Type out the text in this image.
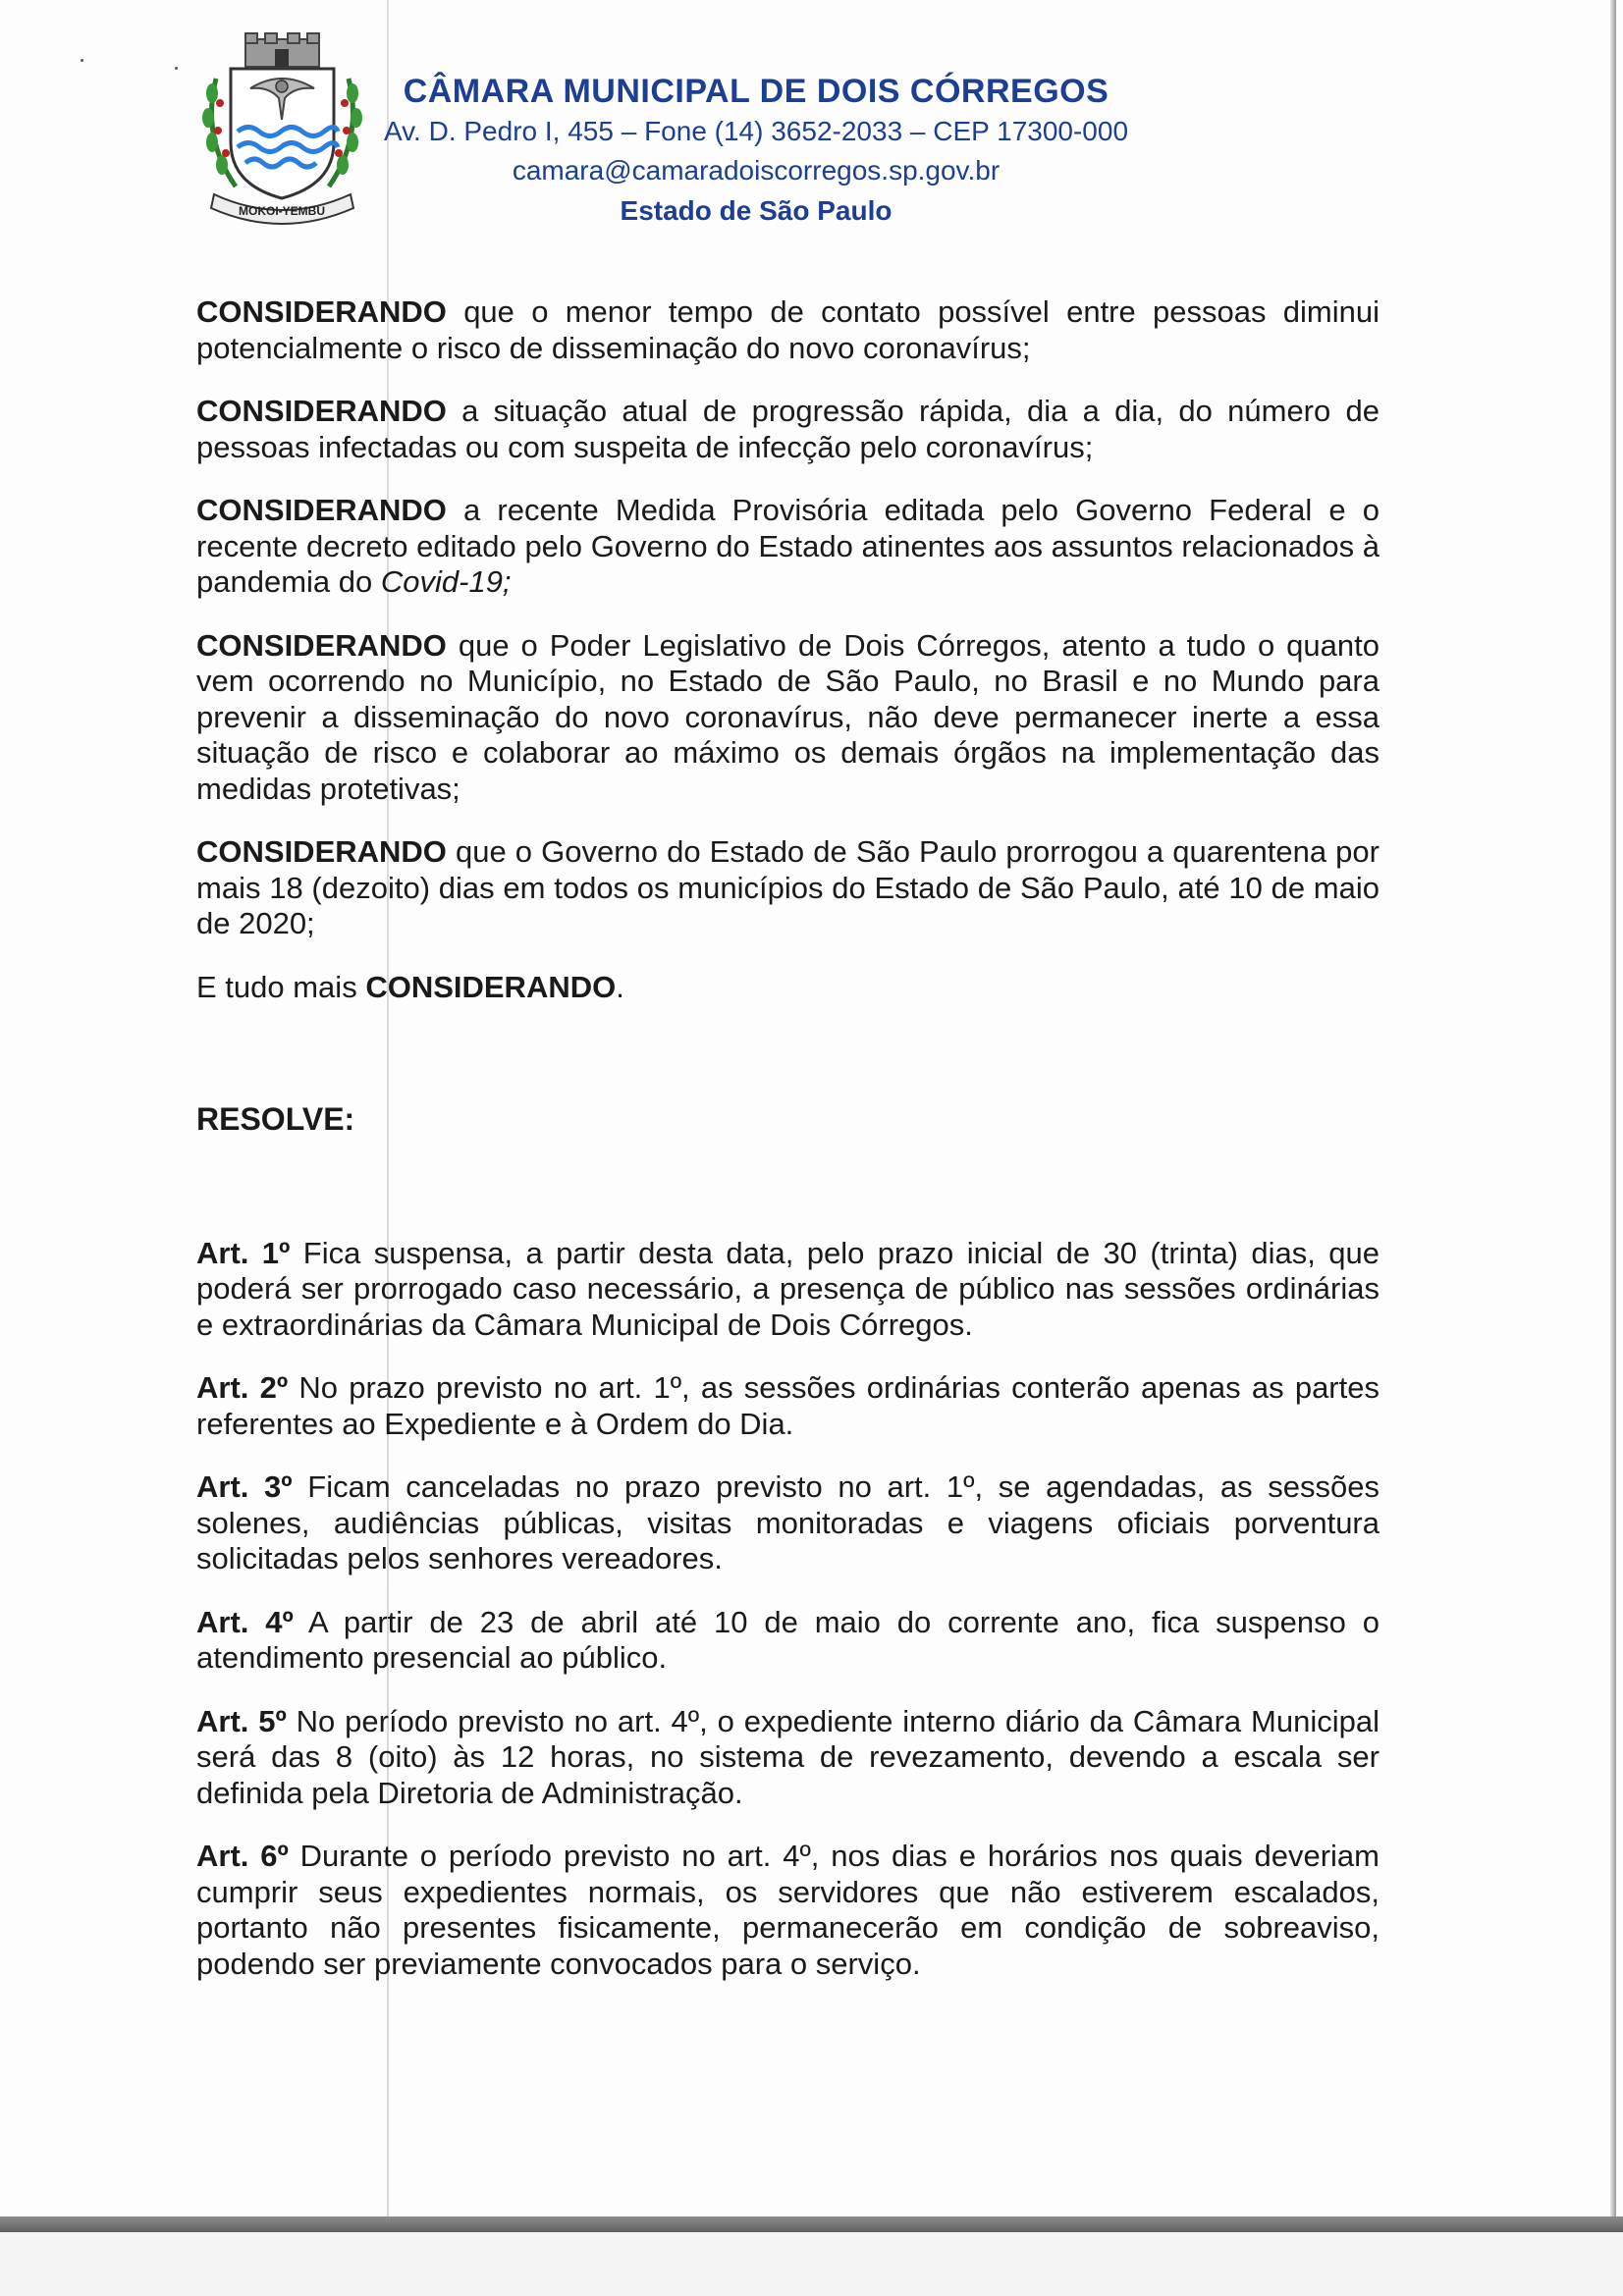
MOKOI-YEMBU
CÂMARA MUNICIPAL DE DOIS CÓRREGOS
Av. D. Pedro I, 455 – Fone (14) 3652-2033 – CEP 17300-000
camara@camaradoiscorregos.sp.gov.br
Estado de São Paulo

CONSIDERANDO que o menor tempo de contato possível entre pessoas diminui potencialmente o risco de disseminação do novo coronavírus;

CONSIDERANDO a situação atual de progressão rápida, dia a dia, do número de pessoas infectadas ou com suspeita de infecção pelo coronavírus;

CONSIDERANDO a recente Medida Provisória editada pelo Governo Federal e o recente decreto editado pelo Governo do Estado atinentes aos assuntos relacionados à pandemia do Covid-19;

CONSIDERANDO que o Poder Legislativo de Dois Córregos, atento a tudo o quanto vem ocorrendo no Município, no Estado de São Paulo, no Brasil e no Mundo para prevenir a disseminação do novo coronavírus, não deve permanecer inerte a essa situação de risco e colaborar ao máximo os demais órgãos na implementação das medidas protetivas;

CONSIDERANDO que o Governo do Estado de São Paulo prorrogou a quarentena por mais 18 (dezoito) dias em todos os municípios do Estado de São Paulo, até 10 de maio de 2020;

E tudo mais CONSIDERANDO.

RESOLVE:

Art. 1º Fica suspensa, a partir desta data, pelo prazo inicial de 30 (trinta) dias, que poderá ser prorrogado caso necessário, a presença de público nas sessões ordinárias e extraordinárias da Câmara Municipal de Dois Córregos.

Art. 2º No prazo previsto no art. 1º, as sessões ordinárias conterão apenas as partes referentes ao Expediente e à Ordem do Dia.

Art. 3º Ficam canceladas no prazo previsto no art. 1º, se agendadas, as sessões solenes, audiências públicas, visitas monitoradas e viagens oficiais porventura solicitadas pelos senhores vereadores.

Art. 4º A partir de 23 de abril até 10 de maio do corrente ano, fica suspenso o atendimento presencial ao público.

Art. 5º No período previsto no art. 4º, o expediente interno diário da Câmara Municipal será das 8 (oito) às 12 horas, no sistema de revezamento, devendo a escala ser definida pela Diretoria de Administração.

Art. 6º Durante o período previsto no art. 4º, nos dias e horários nos quais deveriam cumprir seus expedientes normais, os servidores que não estiverem escalados, portanto não presentes fisicamente, permanecerão em condição de sobreaviso, podendo ser previamente convocados para o serviço.
